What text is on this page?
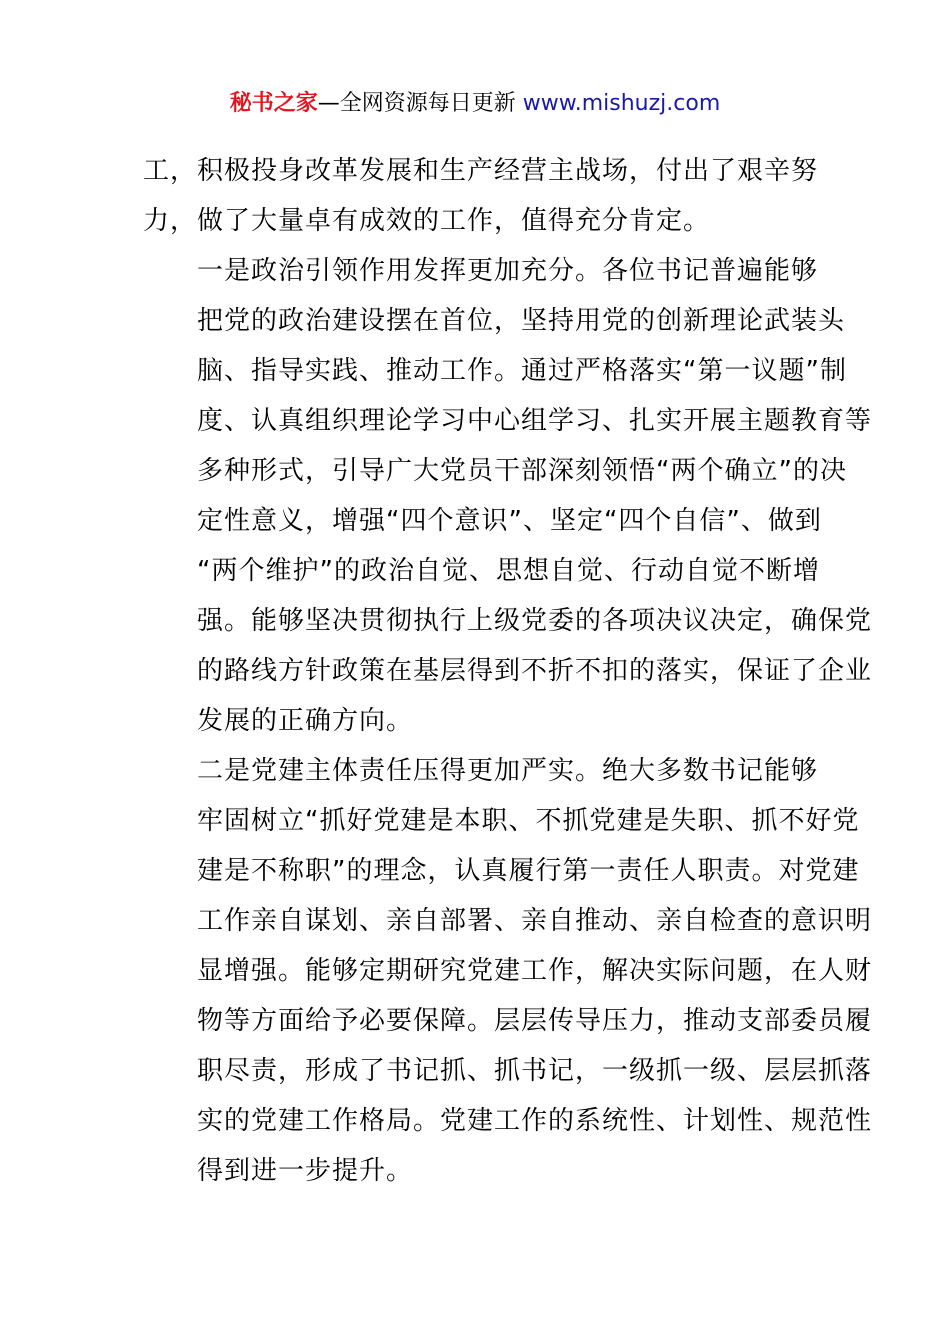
秘书之家—全网资源每日更新 www.mishuzj.com

工，积极投身改革发展和生产经营主战场，付出了艰辛努
力，做了大量卓有成效的工作，值得充分肯定。

一是政治引领作用发挥更加充分。各位书记普遍能够
把党的政治建设摆在首位，坚持用党的创新理论武装头
脑、指导实践、推动工作。通过严格落实“第一议题”制
度、认真组织理论学习中心组学习、扎实开展主题教育等
多种形式，引导广大党员干部深刻领悟“两个确立”的决
定性意义，增强“四个意识”、坚定“四个自信”、做到
“两个维护”的政治自觉、思想自觉、行动自觉不断增
强。能够坚决贯彻执行上级党委的各项决议决定，确保党
的路线方针政策在基层得到不折不扣的落实，保证了企业
发展的正确方向。

二是党建主体责任压得更加严实。绝大多数书记能够
牢固树立“抓好党建是本职、不抓党建是失职、抓不好党
建是不称职”的理念，认真履行第一责任人职责。对党建
工作亲自谋划、亲自部署、亲自推动、亲自检查的意识明
显增强。能够定期研究党建工作，解决实际问题，在人财
物等方面给予必要保障。层层传导压力，推动支部委员履
职尽责，形成了书记抓、抓书记，一级抓一级、层层抓落
实的党建工作格局。党建工作的系统性、计划性、规范性
得到进一步提升。
